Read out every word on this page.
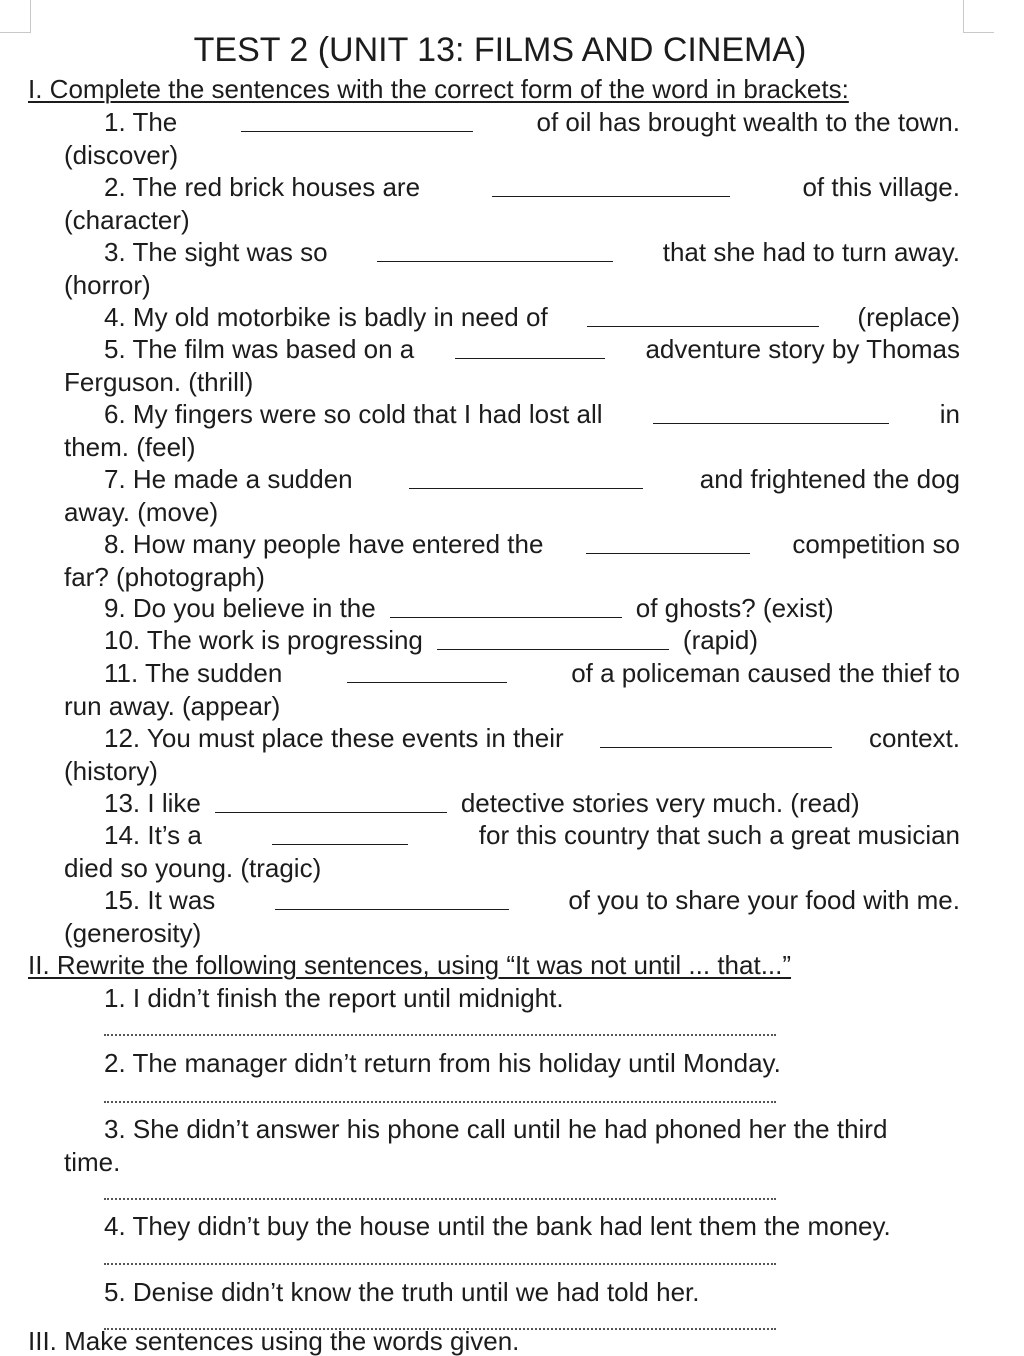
TEST 2 (UNIT 13: FILMS AND CINEMA)
I. Complete the sentences with the correct form of the word in brackets:
1. The	of oil has brought wealth to the town.
(discover)
2. The red brick houses are	of this village.
(character)
3. The sight was so	that she had to turn away.
(horror)
4. My old motorbike is badly in need of	(replace)
5. The film was based on a	adventure story by Thomas
Ferguson. (thrill)
6. My fingers were so cold that I had lost all	in
them. (feel)
7. He made a sudden	and frightened the dog
away. (move)
8. How many people have entered the	competition so
far? (photograph)
9. Do you believe in the	of ghosts? (exist)
10. The work is progressing	(rapid)
11. The sudden	of a policeman caused the thief to
run away. (appear)
12. You must place these events in their	context.
(history)
13. I like	detective stories very much. (read)
14. It’s a	for this country that such a great musician
died so young. (tragic)
15. It was	of you to share your food with me.
(generosity)
II. Rewrite the following sentences, using “It was not until ... that...”
1. I didn’t finish the report until midnight.
2. The manager didn’t return from his holiday until Monday.
3. She didn’t answer his phone call until he had phoned her the third
time.
4. They didn’t buy the house until the bank had lent them the money.
5. Denise didn’t know the truth until we had told her.
III. Make sentences using the words given.
